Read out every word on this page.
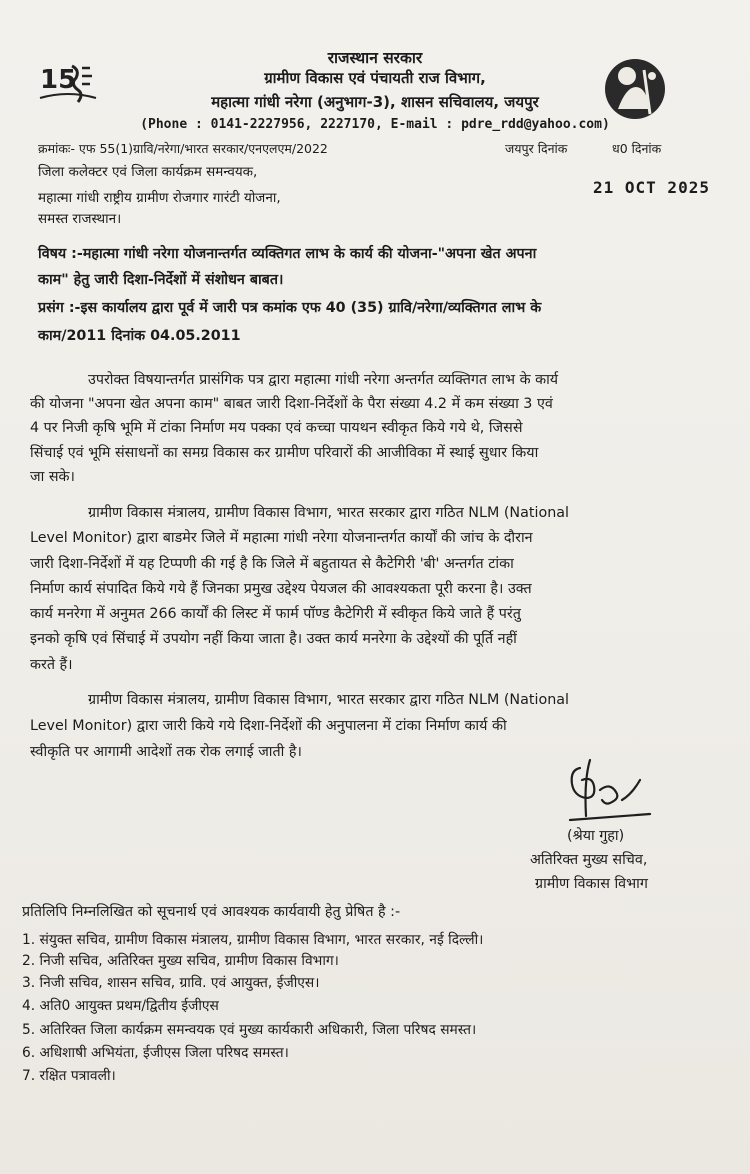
15
राजस्थान सरकार
ग्रामीण विकास एवं पंचायती राज विभाग,
महात्मा गांधी नरेगा (अनुभाग-3), शासन सचिवालय, जयपुर
(Phone : 0141-2227956, 2227170, E-mail : pdre_rdd@yahoo.com)
क्रमांकः- एफ 55(1)ग्रावि/नरेगा/भारत सरकार/एनएलएम/2022	जयपुर दिनांक	ध0 दिनांक
जिला कलेक्टर एवं जिला कार्यक्रम समन्वयक,
21 OCT 2025
महात्मा गांधी राष्ट्रीय ग्रामीण रोजगार गारंटी योजना,
समस्त राजस्थान।
विषय :-महात्मा गांधी नरेगा योजनान्तर्गत व्यक्तिगत लाभ के कार्य की योजना-"अपना खेत अपना
काम" हेतु जारी दिशा-निर्देशों में संशोधन बाबत।
प्रसंग :-इस कार्यालय द्वारा पूर्व में जारी पत्र कमांक एफ 40 (35) ग्रावि/नरेगा/व्यक्तिगत लाभ के
काम/2011 दिनांक 04.05.2011
उपरोक्त विषयान्तर्गत प्रासंगिक पत्र द्वारा महात्मा गांधी नरेगा अन्तर्गत व्यक्तिगत लाभ के कार्य
की योजना "अपना खेत अपना काम" बाबत जारी दिशा-निर्देशों के पैरा संख्या 4.2 में कम संख्या 3 एवं
4 पर निजी कृषि भूमि में टांका निर्माण मय पक्का एवं कच्चा पायथन स्वीकृत किये गये थे, जिससे
सिंचाई एवं भूमि संसाधनों का समग्र विकास कर ग्रामीण परिवारों की आजीविका में स्थाई सुधार किया
जा सके।
ग्रामीण विकास मंत्रालय, ग्रामीण विकास विभाग, भारत सरकार द्वारा गठित NLM (National
Level Monitor) द्वारा बाडमेर जिले में महात्मा गांधी नरेगा योजनान्तर्गत कार्यों की जांच के दौरान
जारी दिशा-निर्देशों में यह टिप्पणी की गई है कि जिले में बहुतायत से कैटेगिरी 'बी' अन्तर्गत टांका
निर्माण कार्य संपादित किये गये हैं जिनका प्रमुख उद्देश्य पेयजल की आवश्यकता पूरी करना है। उक्त
कार्य मनरेगा में अनुमत 266 कार्यों की लिस्ट में फार्म पॉण्ड कैटेगिरी में स्वीकृत किये जाते हैं परंतु
इनको कृषि एवं सिंचाई में उपयोग नहीं किया जाता है। उक्त कार्य मनरेगा के उद्देश्यों की पूर्ति नहीं
करते हैं।
ग्रामीण विकास मंत्रालय, ग्रामीण विकास विभाग, भारत सरकार द्वारा गठित NLM (National
Level Monitor) द्वारा जारी किये गये दिशा-निर्देशों की अनुपालना में टांका निर्माण कार्य की
स्वीकृति पर आगामी आदेशों तक रोक लगाई जाती है।
(श्रेया गुहा)
अतिरिक्त मुख्य सचिव,
ग्रामीण विकास विभाग
प्रतिलिपि निम्नलिखित को सूचनार्थ एवं आवश्यक कार्यवायी हेतु प्रेषित है :-
1. संयुक्त सचिव, ग्रामीण विकास मंत्रालय, ग्रामीण विकास विभाग, भारत सरकार, नई दिल्ली।
2. निजी सचिव, अतिरिक्त मुख्य सचिव, ग्रामीण विकास विभाग।
3. निजी सचिव, शासन सचिव, ग्रावि. एवं आयुक्त, ईजीएस।
4. अति0 आयुक्त प्रथम/द्वितीय ईजीएस
5. अतिरिक्त जिला कार्यक्रम समन्वयक एवं मुख्य कार्यकारी अधिकारी, जिला परिषद समस्त।
6. अधिशाषी अभियंता, ईजीएस जिला परिषद समस्त।
7. रक्षित पत्रावली।
